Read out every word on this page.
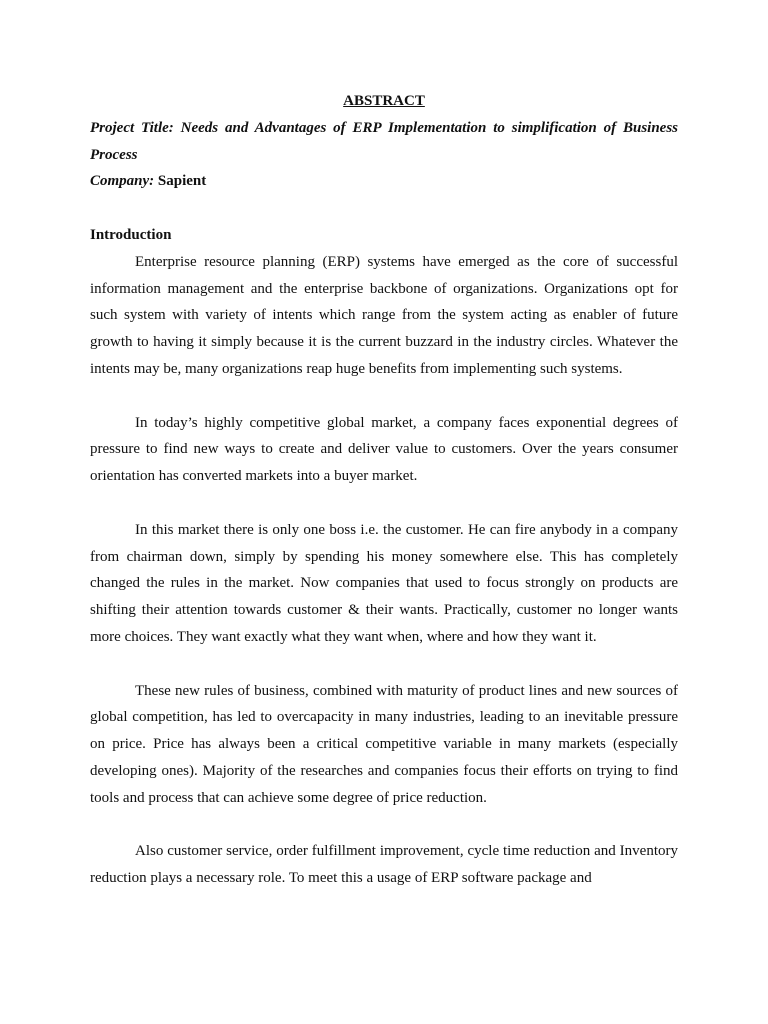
ABSTRACT

Project Title: Needs and Advantages of ERP Implementation to simplification of Business Process

Company: Sapient

Introduction

Enterprise resource planning (ERP) systems have emerged as the core of successful information management and the enterprise backbone of organizations. Organizations opt for such system with variety of intents which range from the system acting as enabler of future growth to having it simply because it is the current buzzard in the industry circles. Whatever the intents may be, many organizations reap huge benefits from implementing such systems.

In today’s highly competitive global market, a company faces exponential degrees of pressure to find new ways to create and deliver value to customers. Over the years consumer orientation has converted markets into a buyer market.

In this market there is only one boss i.e. the customer. He can fire anybody in a company from chairman down, simply by spending his money somewhere else. This has completely changed the rules in the market. Now companies that used to focus strongly on products are shifting their attention towards customer & their wants. Practically, customer no longer wants more choices. They want exactly what they want when, where and how they want it.

These new rules of business, combined with maturity of product lines and new sources of global competition, has led to overcapacity in many industries, leading to an inevitable pressure on price. Price has always been a critical competitive variable in many markets (especially developing ones). Majority of the researches and companies focus their efforts on trying to find tools and process that can achieve some degree of price reduction.

Also customer service, order fulfillment improvement, cycle time reduction and Inventory reduction plays a necessary role. To meet this a usage of ERP software package and
